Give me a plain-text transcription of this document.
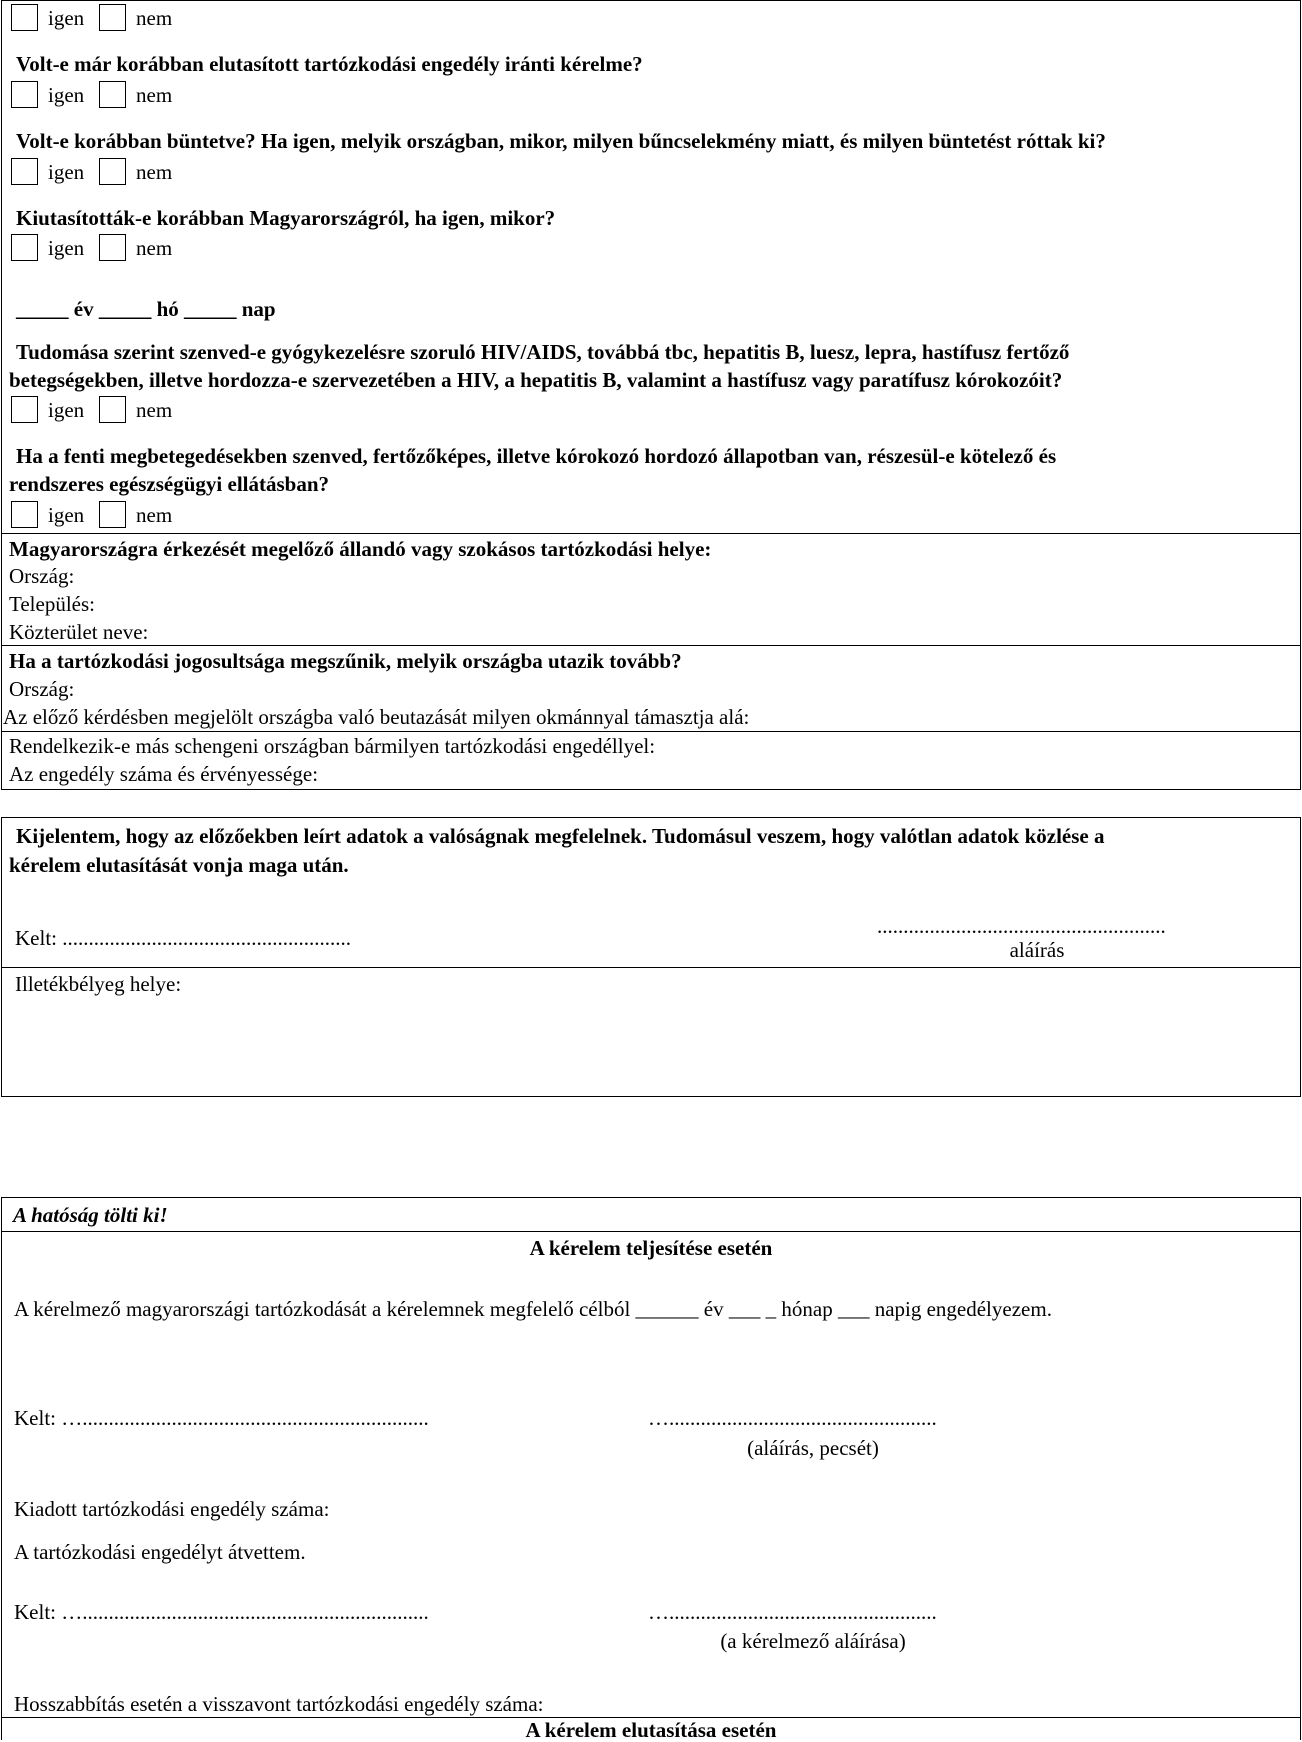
igen nem
Volt-e már korábban elutasított tartózkodási engedély iránti kérelme?
igen nem
Volt-e korábban büntetve? Ha igen, melyik országban, mikor, milyen bűncselekmény miatt, és milyen büntetést róttak ki?
igen nem
Kiutasították-e korábban Magyarországról, ha igen, mikor?
igen nem
_____ év _____ hó _____ nap
Tudomása szerint szenved-e gyógykezelésre szoruló HIV/AIDS, továbbá tbc, hepatitis B, luesz, lepra, hastífusz fertőző
betegségekben, illetve hordozza-e szervezetében a HIV, a hepatitis B, valamint a hastífusz vagy paratífusz kórokozóit?
igen nem
Ha a fenti megbetegedésekben szenved, fertőzőképes, illetve kórokozó hordozó állapotban van, részesül-e kötelező és
rendszeres egészségügyi ellátásban?
igen nem
Magyarországra érkezését megelőző állandó vagy szokásos tartózkodási helye:
Ország:
Település:
Közterület neve:
Ha a tartózkodási jogosultsága megszűnik, melyik országba utazik tovább?
Ország:
Az előző kérdésben megjelölt országba való beutazását milyen okmánnyal támasztja alá:
Rendelkezik-e más schengeni országban bármilyen tartózkodási engedéllyel:
Az engedély száma és érvényessége:
Kijelentem, hogy az előzőekben leírt adatok a valóságnak megfelelnek. Tudomásul veszem, hogy valótlan adatok közlése a
kérelem elutasítását vonja maga után.
Kelt: .......................................................	.......................................................
aláírás
Illetékbélyeg helye:
A hatóság tölti ki!
A kérelem teljesítése esetén
A kérelmező magyarországi tartózkodását a kérelemnek megfelelő célból ______ év ___ _ hónap ___ napig engedélyezem.
Kelt: …..................................................................	…...................................................
(aláírás, pecsét)
Kiadott tartózkodási engedély száma:
A tartózkodási engedélyt átvettem.
Kelt: …..................................................................	…...................................................
(a kérelmező aláírása)
Hosszabbítás esetén a visszavont tartózkodási engedély száma:
A kérelem elutasítása esetén
